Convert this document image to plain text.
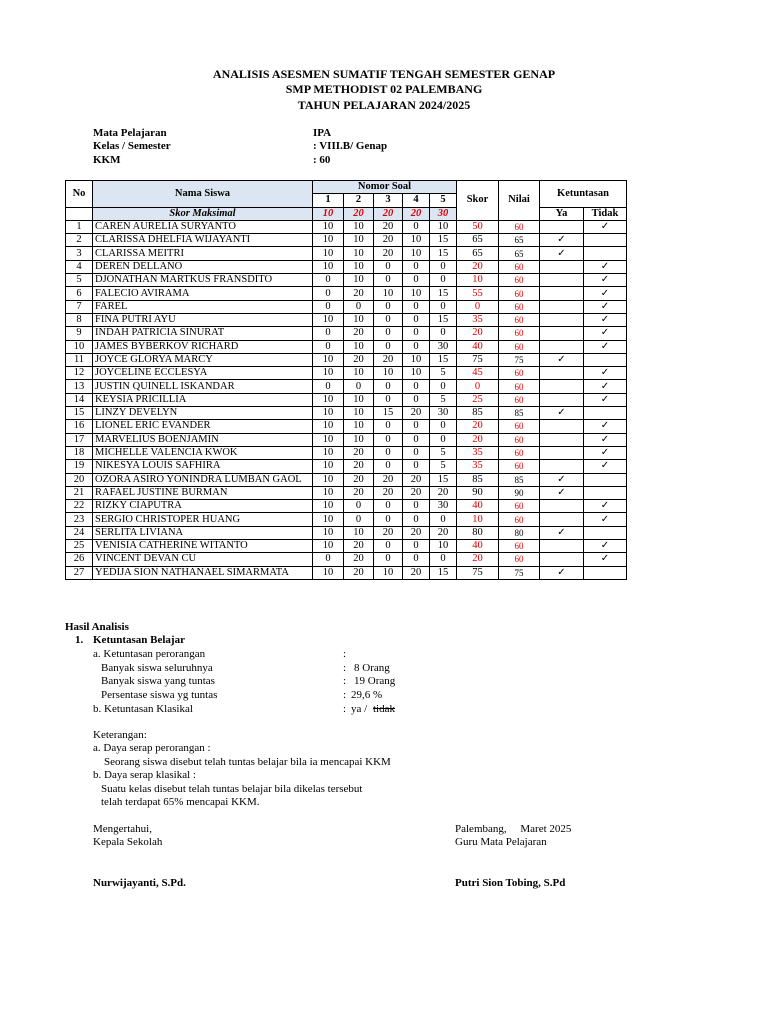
ANALISIS ASESMEN SUMATIF TENGAH SEMESTER GENAP
SMP METHODIST 02 PALEMBANG
TAHUN PELAJARAN 2024/2025
Mata Pelajaran	IPA
Kelas / Semester	: VIII.B/ Genap
KKM	: 60
No	Nama Siswa	Nomor Soal					Skor	Nilai	Ketuntasan	
		1	2	3	4	5				
	Skor Maksimal	10	20	20	20	30			Ya	Tidak
1	CAREN AURELIA SURYANTO	10	10	20	0	10	50	60		✓
2	CLARISSA DHELFIA WIJAYANTI	10	10	20	10	15	65	65	✓	
3	CLARISSA MEITRI	10	10	20	10	15	65	65	✓	
4	DEREN DELLANO	10	10	0	0	0	20	60		✓
5	DJONATHAN MARTKUS FRANSDITO	0	10	0	0	0	10	60		✓
6	FALECIO AVIRAMA	0	20	10	10	15	55	60		✓
7	FAREL	0	0	0	0	0	0	60		✓
8	FINA PUTRI AYU	10	10	0	0	15	35	60		✓
9	INDAH PATRICIA SINURAT	0	20	0	0	0	20	60		✓
10	JAMES BYBERKOV RICHARD	0	10	0	0	30	40	60		✓
11	JOYCE GLORYA MARCY	10	20	20	10	15	75	75	✓	
12	JOYCELINE ECCLESYA	10	10	10	10	5	45	60		✓
13	JUSTIN QUINELL ISKANDAR	0	0	0	0	0	0	60		✓
14	KEYSIA PRICILLIA	10	10	0	0	5	25	60		✓
15	LINZY DEVELYN	10	10	15	20	30	85	85	✓	
16	LIONEL ERIC EVANDER	10	10	0	0	0	20	60		✓
17	MARVELIUS BOENJAMIN	10	10	0	0	0	20	60		✓
18	MICHELLE VALENCIA KWOK	10	20	0	0	5	35	60		✓
19	NIKESYA LOUIS SAFHIRA	10	20	0	0	5	35	60		✓
20	OZORA ASIRO YONINDRA LUMBAN GAOL	10	20	20	20	15	85	85	✓	
21	RAFAEL JUSTINE BURMAN	10	20	20	20	20	90	90	✓	
22	RIZKY CIAPUTRA	10	0	0	0	30	40	60		✓
23	SERGIO CHRISTOPER HUANG	10	0	0	0	0	10	60		✓
24	SERLITA LIVIANA	10	10	20	20	20	80	80	✓	
25	VENISIA CATHERINE WITANTO	10	20	0	0	10	40	60		✓
26	VINCENT DEVAN CU	0	20	0	0	0	20	60		✓
27	YEDIJA SION NATHANAEL SIMARMATA	10	20	10	20	15	75	75	✓	
Hasil Analisis
1. Ketuntasan Belajar
a. Ketuntasan perorangan	:
Banyak siswa seluruhnya	: 8 Orang
Banyak siswa yang tuntas	: 19 Orang
Persentase siswa yg tuntas	: 29,6 %
b. Ketuntasan Klasikal	: ya / tidak
Keterangan:
a. Daya serap perorangan :
Seorang siswa disebut telah tuntas belajar bila ia mencapai KKM
b. Daya serap klasikal :
Suatu kelas disebut telah tuntas belajar bila dikelas tersebut
telah terdapat 65% mencapai KKM.
Mengertahui,
Kepala Sekolah
Nurwijayanti, S.Pd.
Palembang,     Maret 2025
Guru Mata Pelajaran
Putri Sion Tobing, S.Pd
